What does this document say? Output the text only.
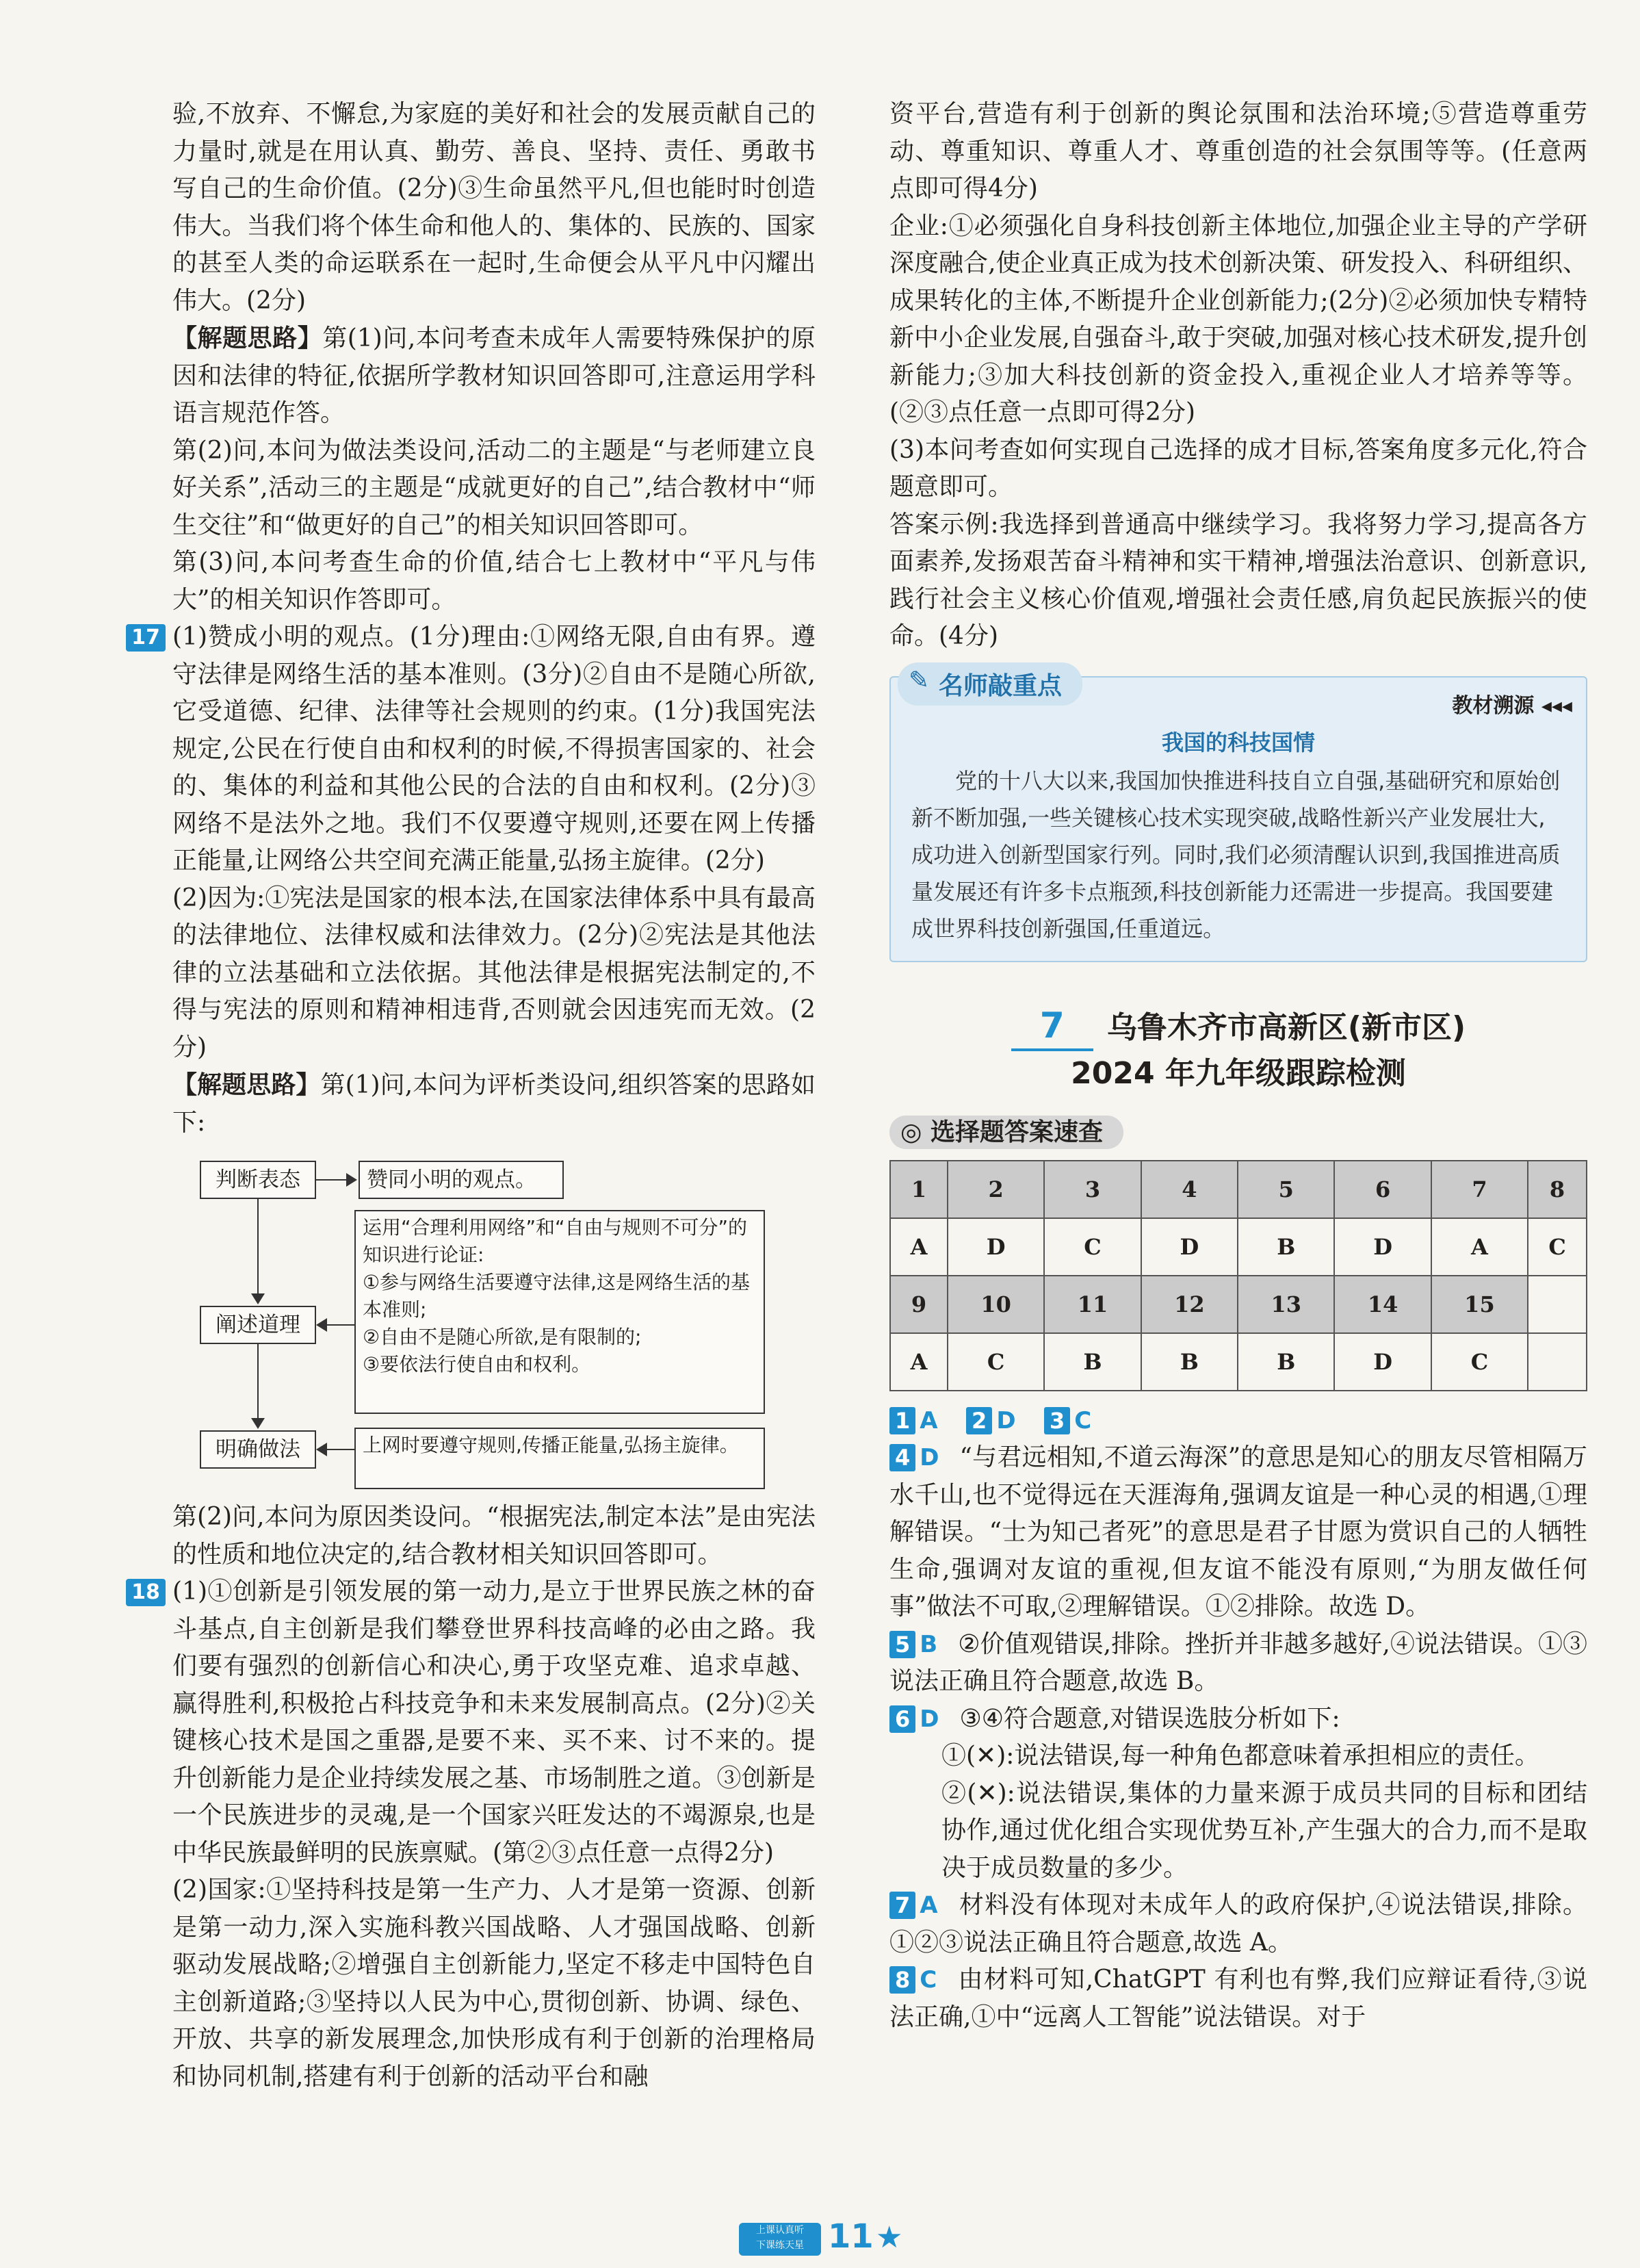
验,不放弃、不懈怠,为家庭的美好和社会的发展贡献自己的力量时,就是在用认真、勤劳、善良、坚持、责任、勇敢书写自己的生命价值。(2分)③生命虽然平凡,但也能时时创造伟大。当我们将个体生命和他人的、集体的、民族的、国家的甚至人类的命运联系在一起时,生命便会从平凡中闪耀出伟大。(2分)

【解题思路】第(1)问,本问考查未成年人需要特殊保护的原因和法律的特征,依据所学教材知识回答即可,注意运用学科语言规范作答。

第(2)问,本问为做法类设问,活动二的主题是“与老师建立良好关系”,活动三的主题是“成就更好的自己”,结合教材中“师生交往”和“做更好的自己”的相关知识回答即可。

第(3)问,本问考查生命的价值,结合七上教材中“平凡与伟大”的相关知识作答即可。

17 (1)赞成小明的观点。(1分)理由:①网络无限,自由有界。遵守法律是网络生活的基本准则。(3分)②自由不是随心所欲,它受道德、纪律、法律等社会规则的约束。(1分)我国宪法规定,公民在行使自由和权利的时候,不得损害国家的、社会的、集体的利益和其他公民的合法的自由和权利。(2分)③网络不是法外之地。我们不仅要遵守规则,还要在网上传播正能量,让网络公共空间充满正能量,弘扬主旋律。(2分)

(2)因为:①宪法是国家的根本法,在国家法律体系中具有最高的法律地位、法律权威和法律效力。(2分)②宪法是其他法律的立法基础和立法依据。其他法律是根据宪法制定的,不得与宪法的原则和精神相违背,否则就会因违宪而无效。(2分)

【解题思路】第(1)问,本问为评析类设问,组织答案的思路如下:

判断表态	赞同小明的观点。
阐述道理
运用“合理利用网络”和“自由与规则不可分”的知识进行论证:
①参与网络生活要遵守法律,这是网络生活的基本准则;
②自由不是随心所欲,是有限制的;
③要依法行使自由和权利。
明确做法	上网时要遵守规则,传播正能量,弘扬主旋律。

第(2)问,本问为原因类设问。“根据宪法,制定本法”是由宪法的性质和地位决定的,结合教材相关知识回答即可。

18 (1)①创新是引领发展的第一动力,是立于世界民族之林的奋斗基点,自主创新是我们攀登世界科技高峰的必由之路。我们要有强烈的创新信心和决心,勇于攻坚克难、追求卓越、赢得胜利,积极抢占科技竞争和未来发展制高点。(2分)②关键核心技术是国之重器,是要不来、买不来、讨不来的。提升创新能力是企业持续发展之基、市场制胜之道。③创新是一个民族进步的灵魂,是一个国家兴旺发达的不竭源泉,也是中华民族最鲜明的民族禀赋。(第②③点任意一点得2分)

(2)国家:①坚持科技是第一生产力、人才是第一资源、创新是第一动力,深入实施科教兴国战略、人才强国战略、创新驱动发展战略;②增强自主创新能力,坚定不移走中国特色自主创新道路;③坚持以人民为中心,贯彻创新、协调、绿色、开放、共享的新发展理念,加快形成有利于创新的治理格局和协同机制,搭建有利于创新的活动平台和融

资平台,营造有利于创新的舆论氛围和法治环境;⑤营造尊重劳动、尊重知识、尊重人才、尊重创造的社会氛围等等。(任意两点即可得4分)

企业:①必须强化自身科技创新主体地位,加强企业主导的产学研深度融合,使企业真正成为技术创新决策、研发投入、科研组织、成果转化的主体,不断提升企业创新能力;(2分)②必须加快专精特新中小企业发展,自强奋斗,敢于突破,加强对核心技术研发,提升创新能力;③加大科技创新的资金投入,重视企业人才培养等等。(②③点任意一点即可得2分)

(3)本问考查如何实现自己选择的成才目标,答案角度多元化,符合题意即可。

答案示例:我选择到普通高中继续学习。我将努力学习,提高各方面素养,发扬艰苦奋斗精神和实干精神,增强法治意识、创新意识,践行社会主义核心价值观,增强社会责任感,肩负起民族振兴的使命。(4分)

✎ 名师敲重点
教材溯源 ◂◂◂
我国的科技国情

党的十八大以来,我国加快推进科技自立自强,基础研究和原始创新不断加强,一些关键核心技术实现突破,战略性新兴产业发展壮大,成功进入创新型国家行列。同时,我们必须清醒认识到,我国推进高质量发展还有许多卡点瓶颈,科技创新能力还需进一步提高。我国要建成世界科技创新强国,任重道远。

7 乌鲁木齐市高新区(新市区)
2024 年九年级跟踪检测
◎ 选择题答案速查
1	2	3	4	5	6	7	8
A	D	C	D	B	D	A	C
9	10	11	12	13	14	15	
A	C	B	B	B	D	C	

1 A 2 D 3 C

4 D “与君远相知,不道云海深”的意思是知心的朋友尽管相隔万水千山,也不觉得远在天涯海角,强调友谊是一种心灵的相遇,①理解错误。“士为知己者死”的意思是君子甘愿为赏识自己的人牺牲生命,强调对友谊的重视,但友谊不能没有原则,“为朋友做任何事”做法不可取,②理解错误。①②排除。故选 D。

5 B ②价值观错误,排除。挫折并非越多越好,④说法错误。①③说法正确且符合题意,故选 B。

6 D ③④符合题意,对错误选肢分析如下:

①(✕):说法错误,每一种角色都意味着承担相应的责任。

②(✕):说法错误,集体的力量来源于成员共同的目标和团结协作,通过优化组合实现优势互补,产生强大的合力,而不是取决于成员数量的多少。

7 A 材料没有体现对未成年人的政府保护,④说法错误,排除。①②③说法正确且符合题意,故选 A。

8 C 由材料可知,ChatGPT 有利也有弊,我们应辩证看待,③说法正确,①中“远离人工智能”说法错误。对于

上课认真听
下课练天星 11 ★
